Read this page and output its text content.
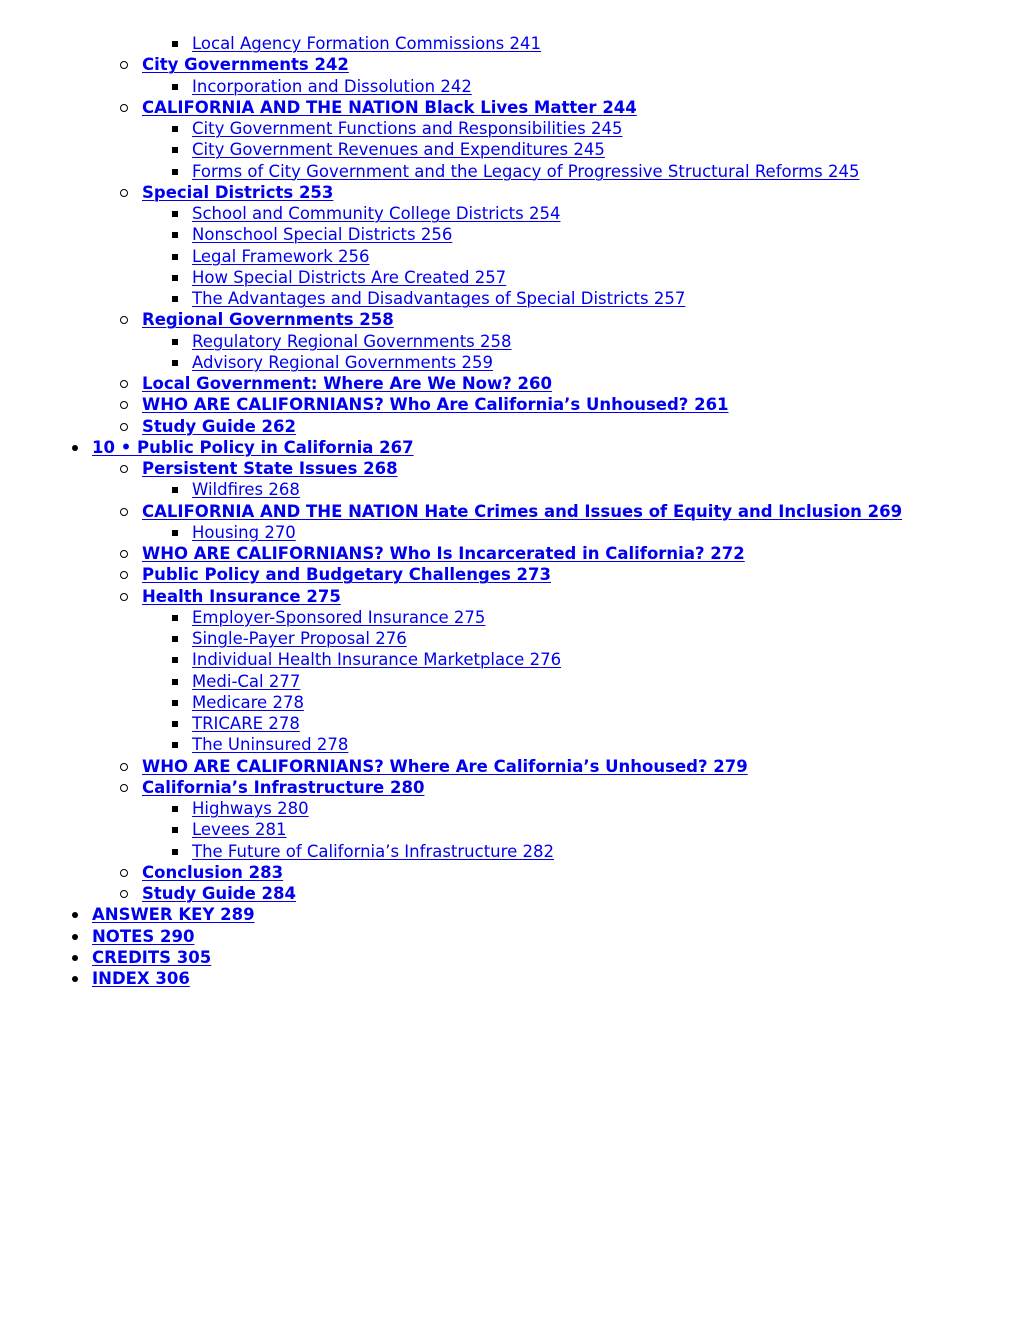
Local Agency Formation Commissions 241
City Governments 242
Incorporation and Dissolution 242
CALIFORNIA AND THE NATION Black Lives Matter 244
City Government Functions and Responsibilities 245
City Government Revenues and Expenditures 245
Forms of City Government and the Legacy of Progressive Structural Reforms 245
Special Districts 253
School and Community College Districts 254
Nonschool Special Districts 256
Legal Framework 256
How Special Districts Are Created 257
The Advantages and Disadvantages of Special Districts 257
Regional Governments 258
Regulatory Regional Governments 258
Advisory Regional Governments 259
Local Government: Where Are We Now? 260
WHO ARE CALIFORNIANS? Who Are California’s Unhoused? 261
Study Guide 262
10 • Public Policy in California 267
Persistent State Issues 268
Wildfires 268
CALIFORNIA AND THE NATION Hate Crimes and Issues of Equity and Inclusion 269
Housing 270
WHO ARE CALIFORNIANS? Who Is Incarcerated in California? 272
Public Policy and Budgetary Challenges 273
Health Insurance 275
Employer-Sponsored Insurance 275
Single-Payer Proposal 276
Individual Health Insurance Marketplace 276
Medi-Cal 277
Medicare 278
TRICARE 278
The Uninsured 278
WHO ARE CALIFORNIANS? Where Are California’s Unhoused? 279
California’s Infrastructure 280
Highways 280
Levees 281
The Future of California’s Infrastructure 282
Conclusion 283
Study Guide 284
ANSWER KEY 289
NOTES 290
CREDITS 305
INDEX 306
